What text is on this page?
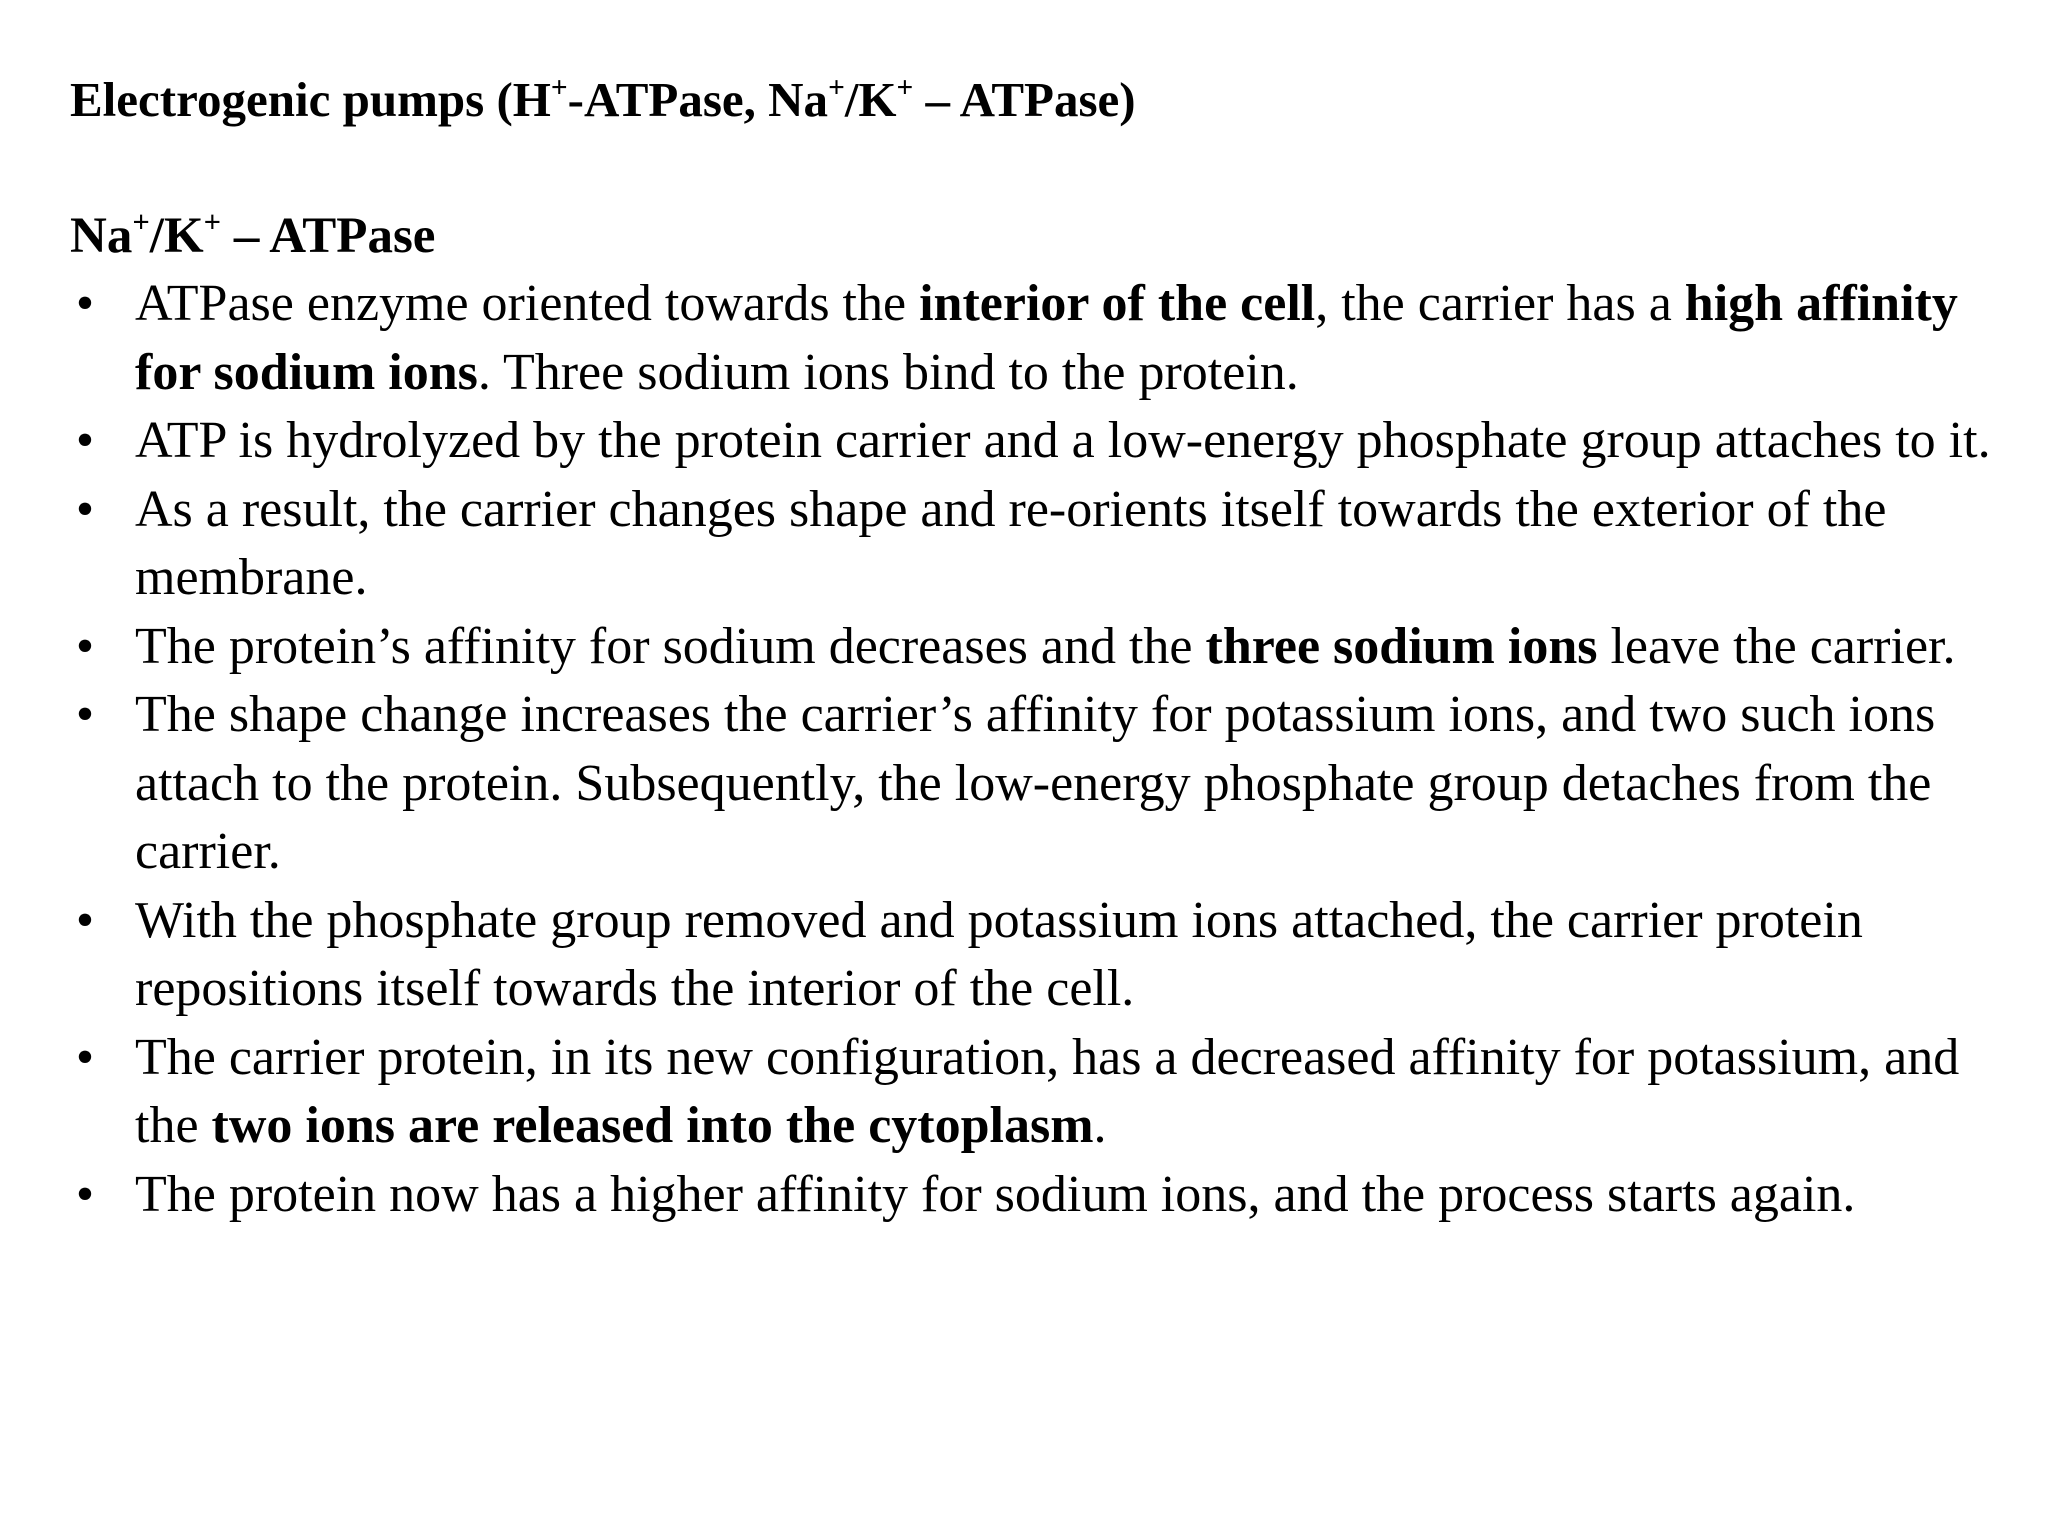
Electrogenic pumps (H+-ATPase, Na+/K+ – ATPase)
Na+/K+ – ATPase
• ATPase enzyme oriented towards the interior of the cell, the carrier has a high affinity for sodium ions. Three sodium ions bind to the protein.
• ATP is hydrolyzed by the protein carrier and a low-energy phosphate group attaches to it.
• As a result, the carrier changes shape and re-orients itself towards the exterior of the membrane.
• The protein’s affinity for sodium decreases and the three sodium ions leave the carrier.
• The shape change increases the carrier’s affinity for potassium ions, and two such ions attach to the protein. Subsequently, the low-energy phosphate group detaches from the carrier.
• With the phosphate group removed and potassium ions attached, the carrier protein repositions itself towards the interior of the cell.
• The carrier protein, in its new configuration, has a decreased affinity for potassium, and the two ions are released into the cytoplasm.
• The protein now has a higher affinity for sodium ions, and the process starts again.
